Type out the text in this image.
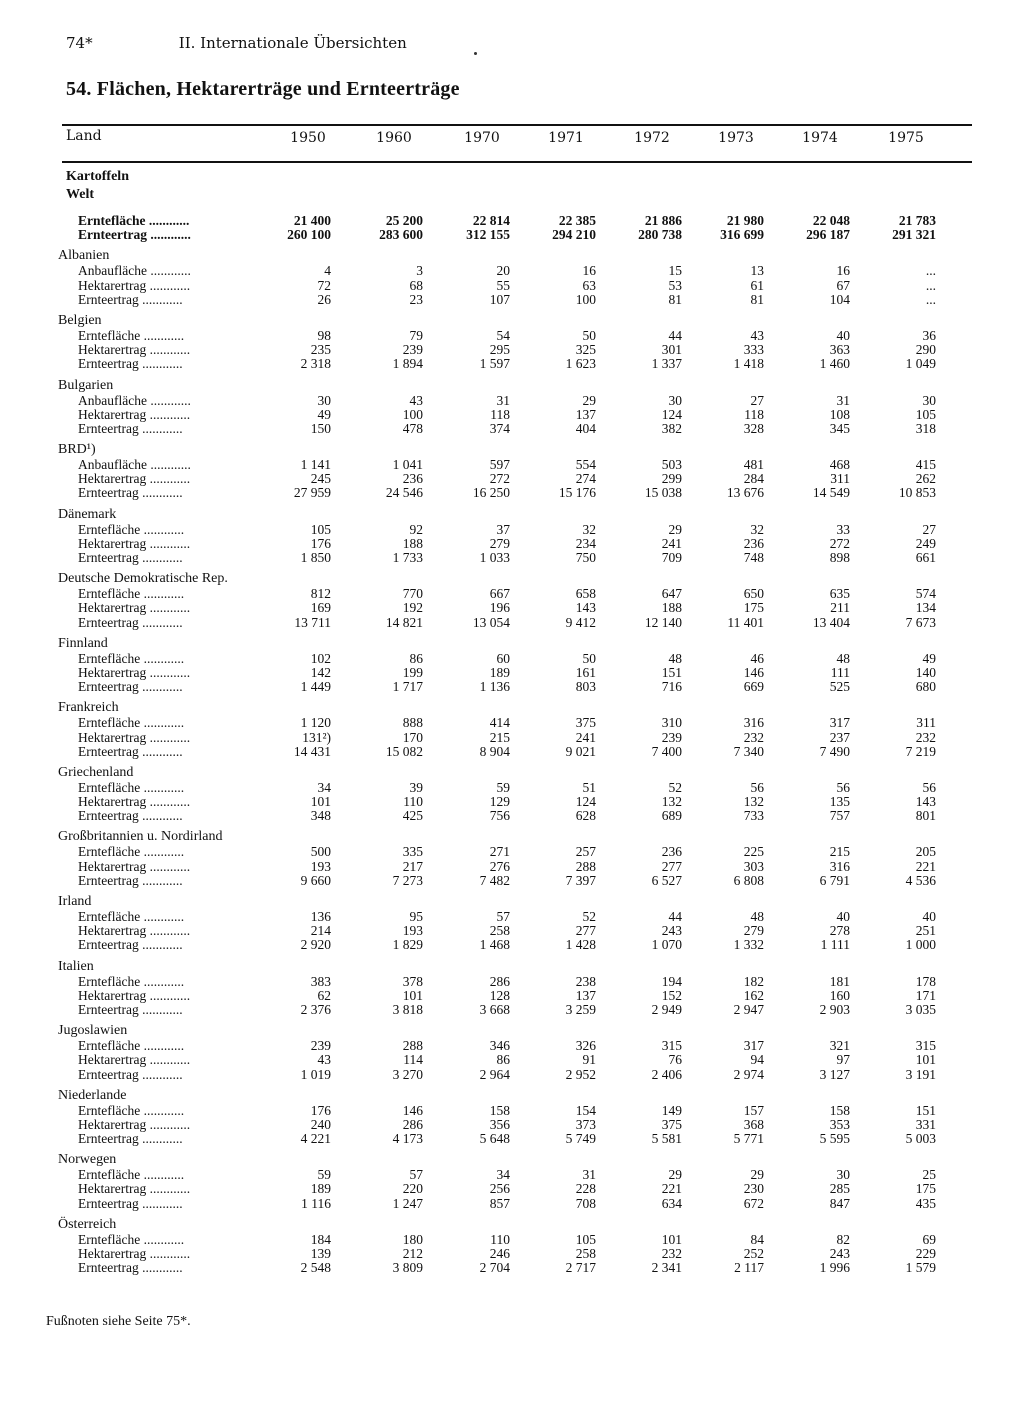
74*	II. Internationale Übersichten
54. Flächen, Hektarerträge und Ernteerträge
Land	1950	1960	1970	1971	1972	1973	1974	1975
Kartoffeln
Welt
Erntefläche ............	21 400	25 200	22 814	22 385	21 886	21 980	22 048	21 783
Ernteertrag ............	260 100	283 600	312 155	294 210	280 738	316 699	296 187	291 321
Albanien
Anbaufläche ............	4	3	20	16	15	13	16	...
Hektarertrag ............	72	68	55	63	53	61	67	...
Ernteertrag ............	26	23	107	100	81	81	104	...
Belgien
Erntefläche ............	98	79	54	50	44	43	40	36
Hektarertrag ............	235	239	295	325	301	333	363	290
Ernteertrag ............	2 318	1 894	1 597	1 623	1 337	1 418	1 460	1 049
Bulgarien
Anbaufläche ............	30	43	31	29	30	27	31	30
Hektarertrag ............	49	100	118	137	124	118	108	105
Ernteertrag ............	150	478	374	404	382	328	345	318
BRD¹)
Anbaufläche ............	1 141	1 041	597	554	503	481	468	415
Hektarertrag ............	245	236	272	274	299	284	311	262
Ernteertrag ............	27 959	24 546	16 250	15 176	15 038	13 676	14 549	10 853
Dänemark
Erntefläche ............	105	92	37	32	29	32	33	27
Hektarertrag ............	176	188	279	234	241	236	272	249
Ernteertrag ............	1 850	1 733	1 033	750	709	748	898	661
Deutsche Demokratische Rep.
Erntefläche ............	812	770	667	658	647	650	635	574
Hektarertrag ............	169	192	196	143	188	175	211	134
Ernteertrag ............	13 711	14 821	13 054	9 412	12 140	11 401	13 404	7 673
Finnland
Erntefläche ............	102	86	60	50	48	46	48	49
Hektarertrag ............	142	199	189	161	151	146	111	140
Ernteertrag ............	1 449	1 717	1 136	803	716	669	525	680
Frankreich
Erntefläche ............	1 120	888	414	375	310	316	317	311
Hektarertrag ............	131²)	170	215	241	239	232	237	232
Ernteertrag ............	14 431	15 082	8 904	9 021	7 400	7 340	7 490	7 219
Griechenland
Erntefläche ............	34	39	59	51	52	56	56	56
Hektarertrag ............	101	110	129	124	132	132	135	143
Ernteertrag ............	348	425	756	628	689	733	757	801
Großbritannien u. Nordirland
Erntefläche ............	500	335	271	257	236	225	215	205
Hektarertrag ............	193	217	276	288	277	303	316	221
Ernteertrag ............	9 660	7 273	7 482	7 397	6 527	6 808	6 791	4 536
Irland
Erntefläche ............	136	95	57	52	44	48	40	40
Hektarertrag ............	214	193	258	277	243	279	278	251
Ernteertrag ............	2 920	1 829	1 468	1 428	1 070	1 332	1 111	1 000
Italien
Erntefläche ............	383	378	286	238	194	182	181	178
Hektarertrag ............	62	101	128	137	152	162	160	171
Ernteertrag ............	2 376	3 818	3 668	3 259	2 949	2 947	2 903	3 035
Jugoslawien
Erntefläche ............	239	288	346	326	315	317	321	315
Hektarertrag ............	43	114	86	91	76	94	97	101
Ernteertrag ............	1 019	3 270	2 964	2 952	2 406	2 974	3 127	3 191
Niederlande
Erntefläche ............	176	146	158	154	149	157	158	151
Hektarertrag ............	240	286	356	373	375	368	353	331
Ernteertrag ............	4 221	4 173	5 648	5 749	5 581	5 771	5 595	5 003
Norwegen
Erntefläche ............	59	57	34	31	29	29	30	25
Hektarertrag ............	189	220	256	228	221	230	285	175
Ernteertrag ............	1 116	1 247	857	708	634	672	847	435
Österreich
Erntefläche ............	184	180	110	105	101	84	82	69
Hektarertrag ............	139	212	246	258	232	252	243	229
Ernteertrag ............	2 548	3 809	2 704	2 717	2 341	2 117	1 996	1 579
Fußnoten siehe Seite 75*.
